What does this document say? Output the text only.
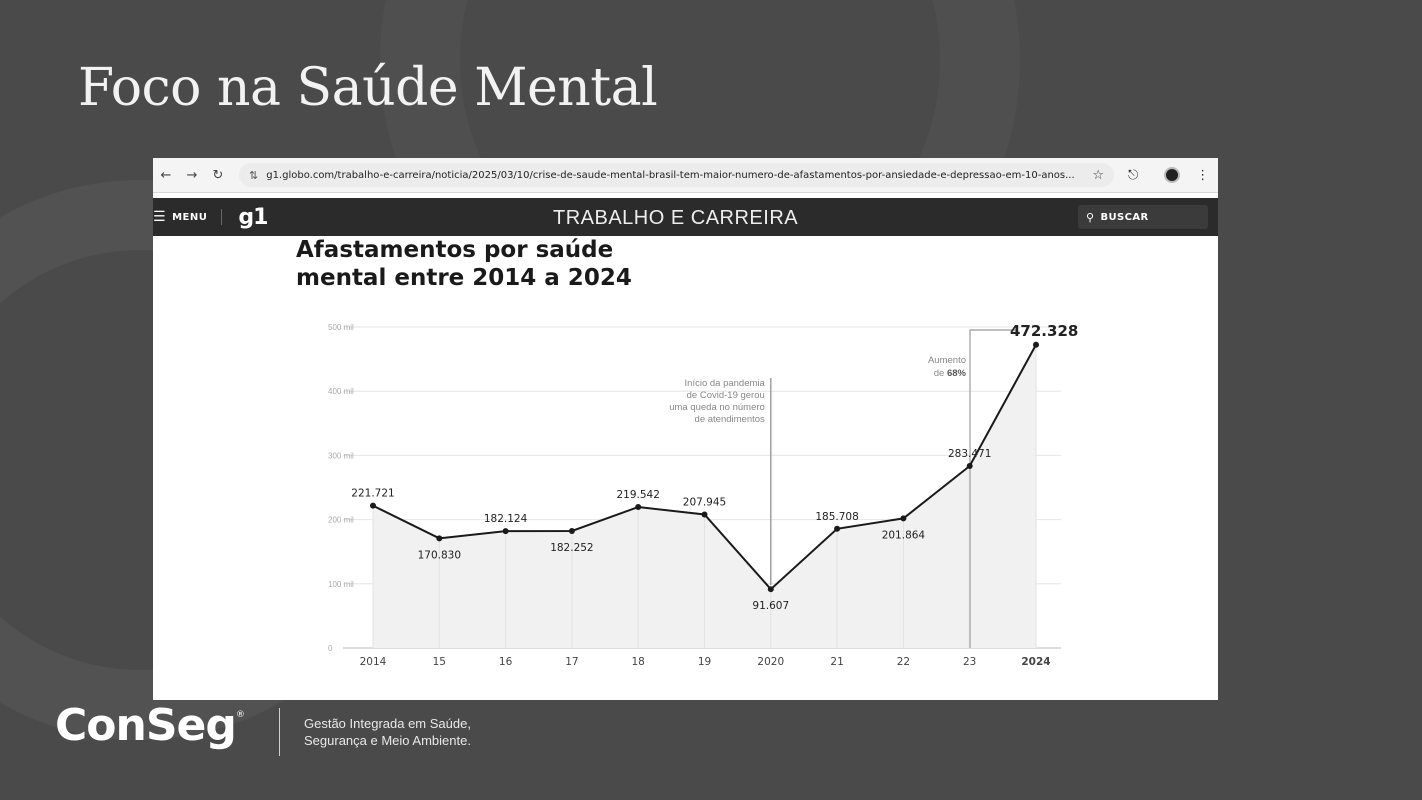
Foco na Saúde Mental
←	→	↻	⇅ g1.globo.com/trabalho-e-carreira/noticia/2025/03/10/crise-de-saude-mental-brasil-tem-maior-numero-de-afastamentos-por-ansiedade-e-depressao-em-10-anos...	☆ ⎋	⋮
☰ MENU g1	TRABALHO E CARREIRA	⚲ BUSCAR
Afastamentos por saúde
mental entre 2014 a 2024
0
100 mil
200 mil
300 mil
400 mil
500 mil
Início da pandemia
de Covid-19 gerou
uma queda no número
de atendimentos
Aumento
de 68%
221.721
170.830
182.124
182.252
219.542
207.945
91.607
185.708
201.864
283.471
472.328
2014	15	16	17	18	19	2020	21	22	23	2024
ConSeg®
Gestão Integrada em Saúde,
Segurança e Meio Ambiente.
